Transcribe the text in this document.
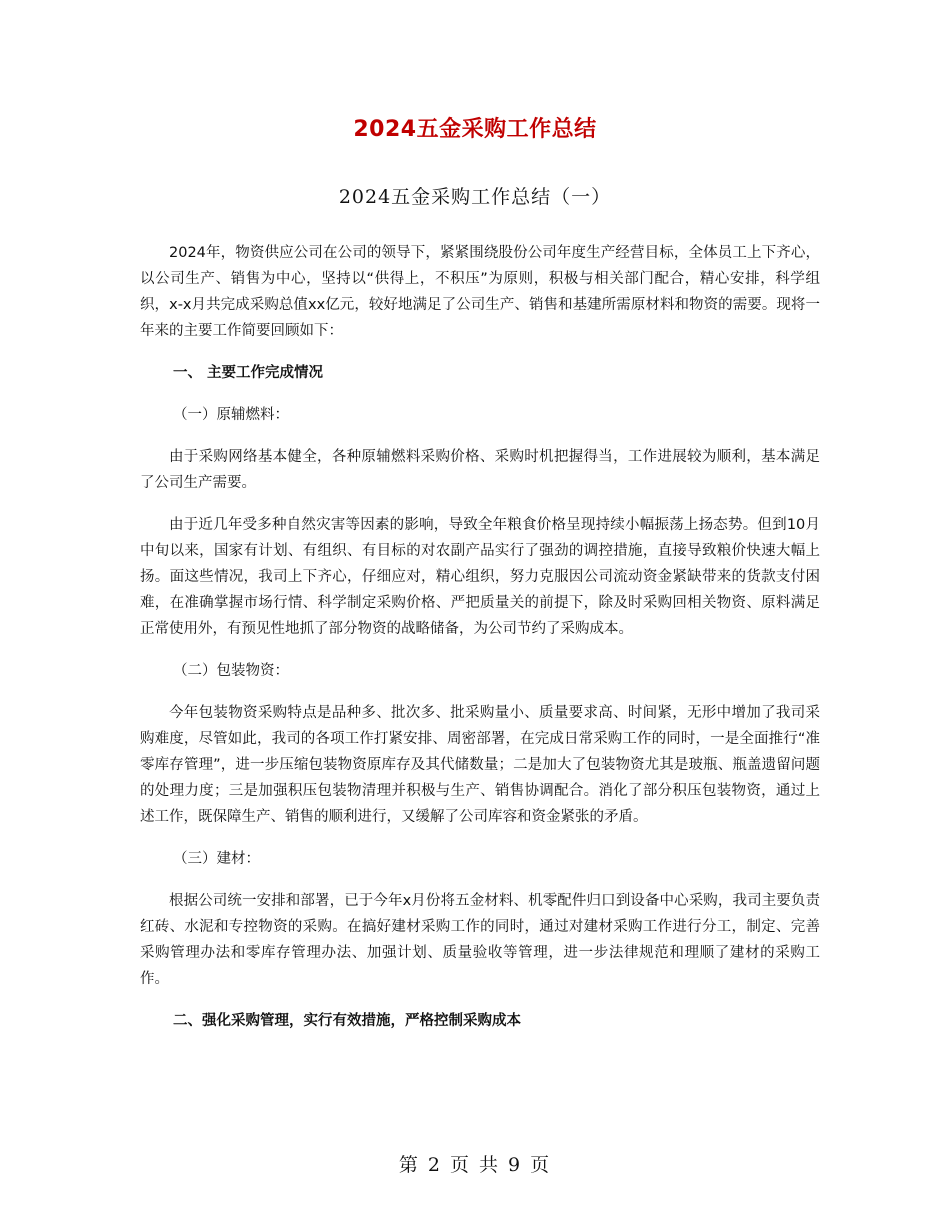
2024五金采购工作总结
2024五金采购工作总结（一）

2024年，物资供应公司在公司的领导下，紧紧围绕股份公司年度生产经营目标，全体员工上下齐心，以公司生产、销售为中心，坚持以“供得上，不积压”为原则，积极与相关部门配合，精心安排，科学组织，x-x月共完成采购总值xx亿元，较好地满足了公司生产、销售和基建所需原材料和物资的需要。现将一年来的主要工作简要回顾如下：

一、 主要工作完成情况

（一）原辅燃料：

由于采购网络基本健全，各种原辅燃料采购价格、采购时机把握得当，工作进展较为顺利，基本满足了公司生产需要。

由于近几年受多种自然灾害等因素的影响，导致全年粮食价格呈现持续小幅振荡上扬态势。但到10月中旬以来，国家有计划、有组织、有目标的对农副产品实行了强劲的调控措施，直接导致粮价快速大幅上扬。面这些情况，我司上下齐心，仔细应对，精心组织，努力克服因公司流动资金紧缺带来的货款支付困难，在准确掌握市场行情、科学制定采购价格、严把质量关的前提下，除及时采购回相关物资、原料满足正常使用外，有预见性地抓了部分物资的战略储备，为公司节约了采购成本。

（二）包装物资：

今年包装物资采购特点是品种多、批次多、批采购量小、质量要求高、时间紧，无形中增加了我司采购难度，尽管如此，我司的各项工作打紧安排、周密部署，在完成日常采购工作的同时，一是全面推行“准零库存管理”，进一步压缩包装物资原库存及其代储数量；二是加大了包装物资尤其是玻瓶、瓶盖遗留问题的处理力度；三是加强积压包装物清理并积极与生产、销售协调配合。消化了部分积压包装物资，通过上述工作，既保障生产、销售的顺利进行，又缓解了公司库容和资金紧张的矛盾。

（三）建材：

根据公司统一安排和部署，已于今年x月份将五金材料、机零配件归口到设备中心采购，我司主要负责红砖、水泥和专控物资的采购。在搞好建材采购工作的同时，通过对建材采购工作进行分工，制定、完善采购管理办法和零库存管理办法、加强计划、质量验收等管理，进一步法律规范和理顺了建材的采购工作。

二、强化采购管理，实行有效措施，严格控制采购成本

第 2 页 共 9 页
